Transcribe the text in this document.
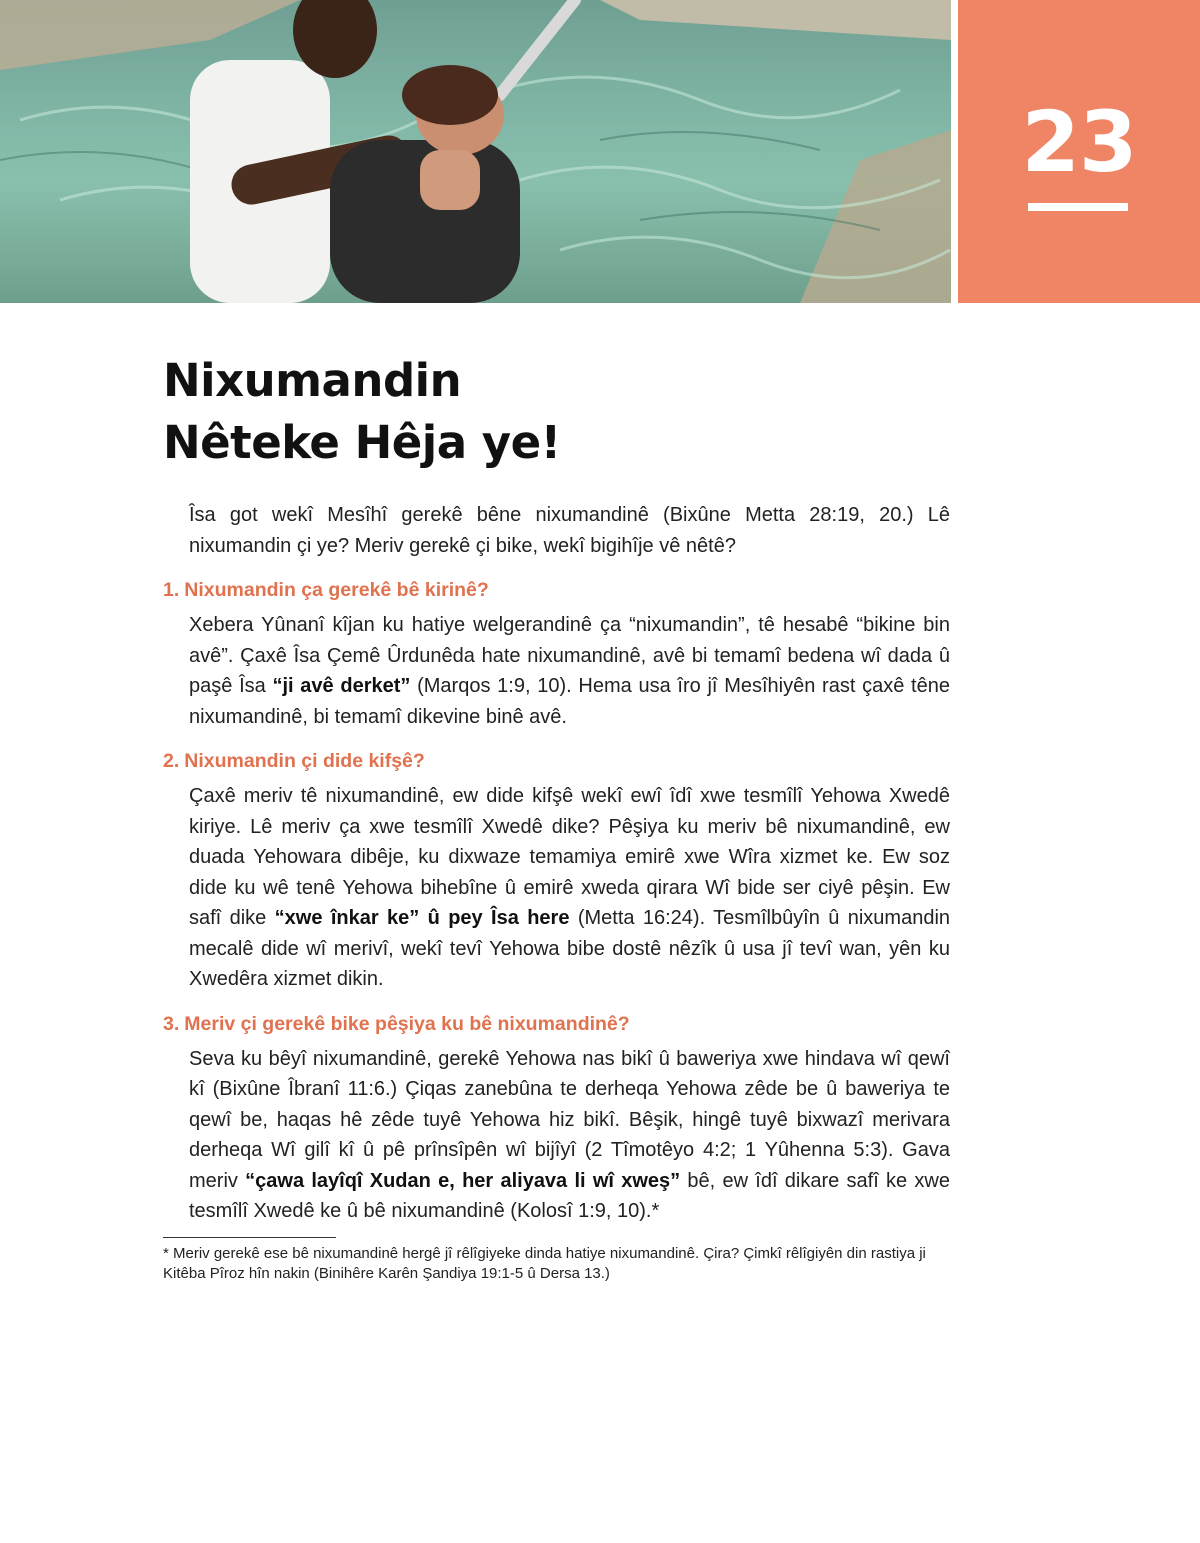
23
Nixumandin
Nêteke Hêja ye!

Îsa got wekî Mesîhî gerekê bêne nixumandinê (Bixûne Metta 28:19, 20.) Lê nixumandin çi ye? Meriv gerekê çi bike, wekî bigihîje vê nêtê?

1. Nixumandin ça gerekê bê kirinê?

Xebera Yûnanî kîjan ku hatiye welgerandinê ça “nixumandin”, tê hesabê “bikine bin avê”. Çaxê Îsa Çemê Ûrdunêda hate nixumandinê, avê bi temamî bedena wî dada û paşê Îsa “ji avê derket” (Marqos 1:9, 10). Hema usa îro jî Mesîhiyên rast çaxê têne nixumandinê, bi temamî dikevine binê avê.

2. Nixumandin çi dide kifşê?

Çaxê meriv tê nixumandinê, ew dide kifşê wekî ewî îdî xwe tesmîlî Yehowa Xwedê kiriye. Lê meriv ça xwe tesmîlî Xwedê dike? Pêşiya ku meriv bê nixumandinê, ew duada Yehowara dibêje, ku dixwaze temamiya emirê xwe Wîra xizmet ke. Ew soz dide ku wê tenê Yehowa bihebîne û emirê xweda qirara Wî bide ser ciyê pêşin. Ew safî dike “xwe înkar ke” û pey Îsa here (Metta 16:24). Tesmîlbûyîn û nixumandin mecalê dide wî merivî, wekî tevî Yehowa bibe dostê nêzîk û usa jî tevî wan, yên ku Xwedêra xizmet dikin.

3. Meriv çi gerekê bike pêşiya ku bê nixumandinê?

Seva ku bêyî nixumandinê, gerekê Yehowa nas bikî û baweriya xwe hindava wî qewî kî (Bixûne Îbranî 11:6.) Çiqas zanebûna te derheqa Yehowa zêde be û baweriya te qewî be, haqas hê zêde tuyê Yehowa hiz bikî. Bêşik, hingê tuyê bixwazî merivara derheqa Wî gilî kî û pê prînsîpên wî bijîyî (2 Tîmotêyo 4:2; 1 Yûhenna 5:3). Gava meriv “çawa layîqî Xudan e, her aliyava li wî xweş” bê, ew îdî dikare safî ke xwe tesmîlî Xwedê ke û bê nixumandinê (Kolosî 1:9, 10).*

* Meriv gerekê ese bê nixumandinê hergê jî rêlîgiyeke dinda hatiye nixumandinê. Çira? Çimkî rêlîgiyên din rastiya ji Kitêba Pîroz hîn nakin (Binihêre Karên Şandiya 19:1-5 û Dersa 13.)
